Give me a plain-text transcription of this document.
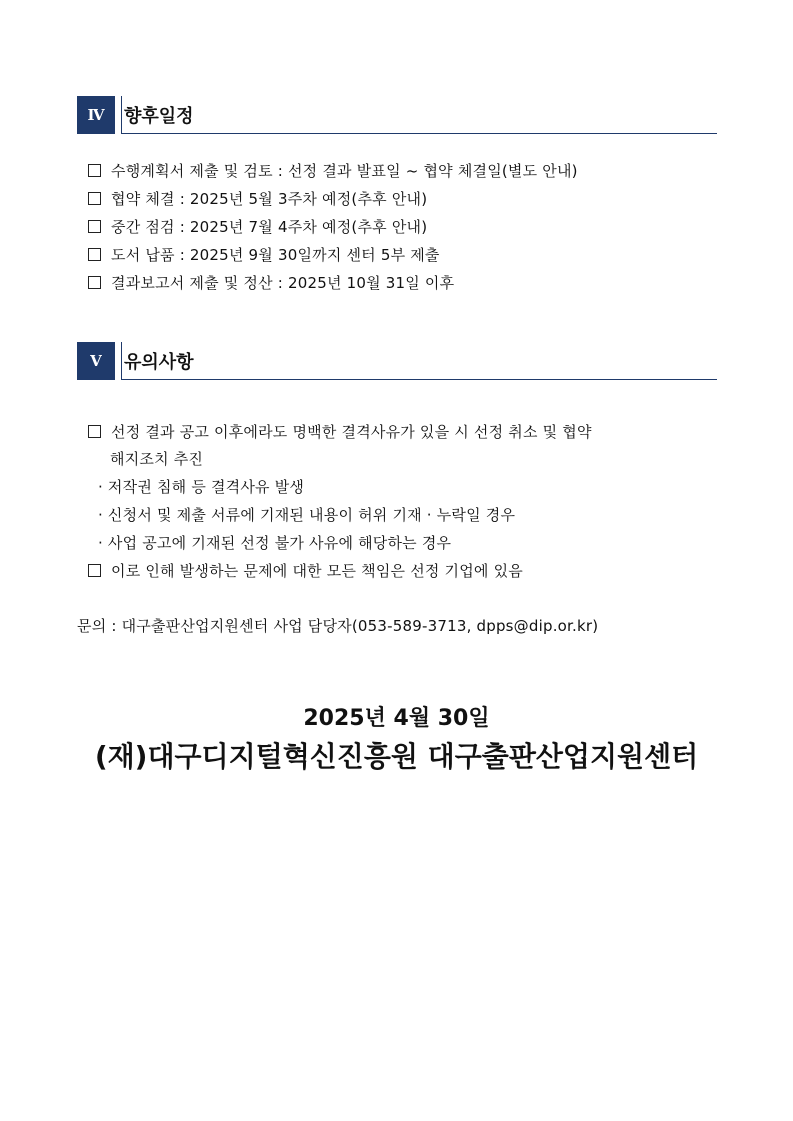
Ⅳ	향후일정
수행계획서 제출 및 검토 : 선정 결과 발표일 ~ 협약 체결일(별도 안내)
협약 체결 : 2025년 5월 3주차 예정(추후 안내)
중간 점검 : 2025년 7월 4주차 예정(추후 안내)
도서 납품 : 2025년 9월 30일까지 센터 5부 제출
결과보고서 제출 및 정산 : 2025년 10월 31일 이후
Ⅴ	유의사항
선정 결과 공고 이후에라도 명백한 결격사유가 있을 시 선정 취소 및 협약
해지조치 추진
· 저작권 침해 등 결격사유 발생
· 신청서 및 제출 서류에 기재된 내용이 허위 기재 · 누락일 경우
· 사업 공고에 기재된 선정 불가 사유에 해당하는 경우
이로 인해 발생하는 문제에 대한 모든 책임은 선정 기업에 있음
문의 : 대구출판산업지원센터 사업 담당자(053-589-3713, dpps@dip.or.kr)
2025년 4월 30일
(재)대구디지털혁신진흥원 대구출판산업지원센터
